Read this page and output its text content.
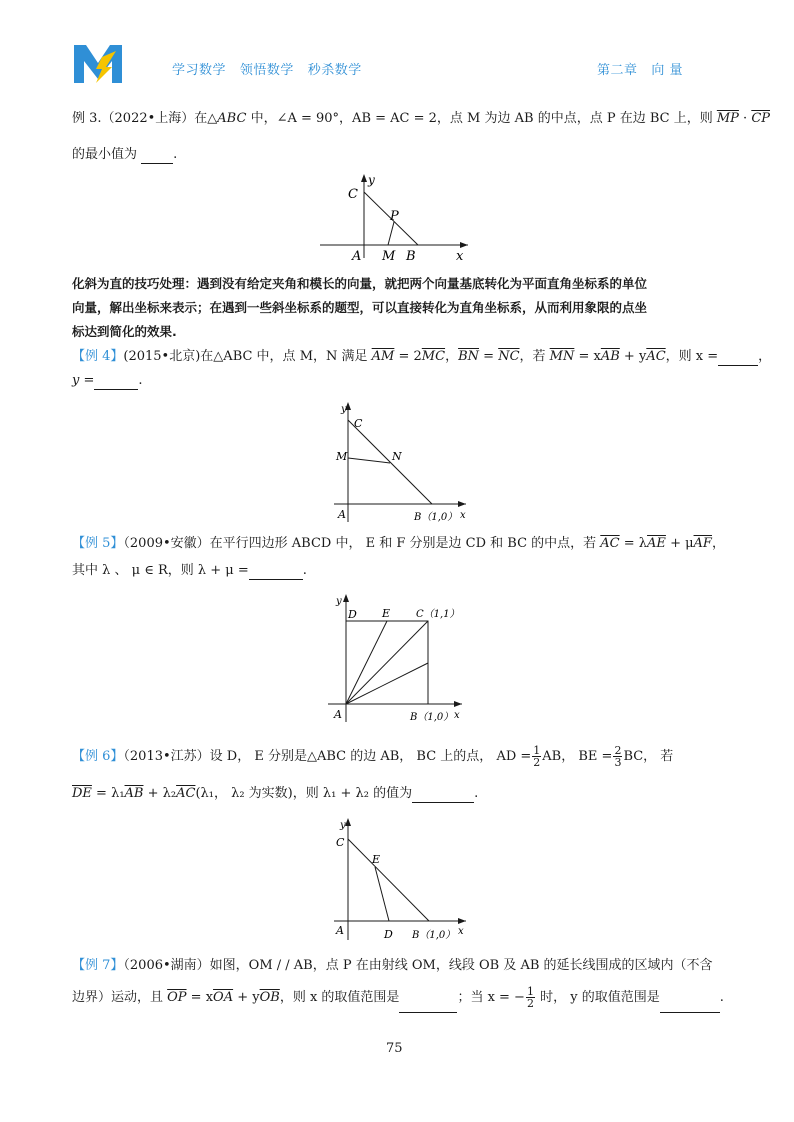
学习数学   领悟数学   秒杀数学	第二章   向 量
例 3.（2022•上海）在△ABC 中，∠A = 90°，AB = AC = 2，点 M 为边 AB 的中点，点 P 在边 BC 上，则 $\overline{MP} \cdot \overline{CP}$
的最小值为	.
C
y
P
A M B	x
化斜为直的技巧处理：遇到没有给定夹角和模长的向量，就把两个向量基底转化为平面直角坐标系的单位
向量，解出坐标来表示；在遇到一些斜坐标系的题型，可以直接转化为直角坐标系，从而利用象限的点坐
标达到简化的效果.
【例 4】(2015•北京)在△ABC 中，点 M，N 满足 $\overline{AM} = 2\overline{MC}$，$\overline{BN} = \overline{NC}$，若 $\overline{MN} = x\overline{AB} + y\overline{AC}$，则 x =	，
y =	.
y
C
M	N
A	B（1,0） x
【例 5】（2009•安徽）在平行四边形 ABCD 中， E 和 F 分别是边 CD 和 BC 的中点，若 $\overline{AC} = \lambda\overline{AE} + \mu\overline{AF}$，
其中 λ 、 μ ∈ R，则 λ + μ =	.
y
D E	C（1,1）
A	B（1,0） x
【例 6】（2013•江苏）设 D， E 分别是△ABC 的边 AB， BC 上的点， AD = $\frac{1}{2}$ AB， BE = $\frac{2}{3}$ BC， 若
$\overline{DE} = \lambda_1\overline{AB} + \lambda_2\overline{AC}(\lambda_1$， λ₂ 为实数)，则 λ₁ + λ₂ 的值为	.
y
C
E
A	D B（1,0） x
【例 7】（2006•湖南）如图，OM / / AB，点 P 在由射线 OM，线段 OB 及 AB 的延长线围成的区域内（不含
边界）运动，且 $\overline{OP} = x\overline{OA} + y\overline{OB}$，则 x 的取值范围是	；当 x = − $\frac{1}{2}$ 时， y 的取值范围是	.
75
